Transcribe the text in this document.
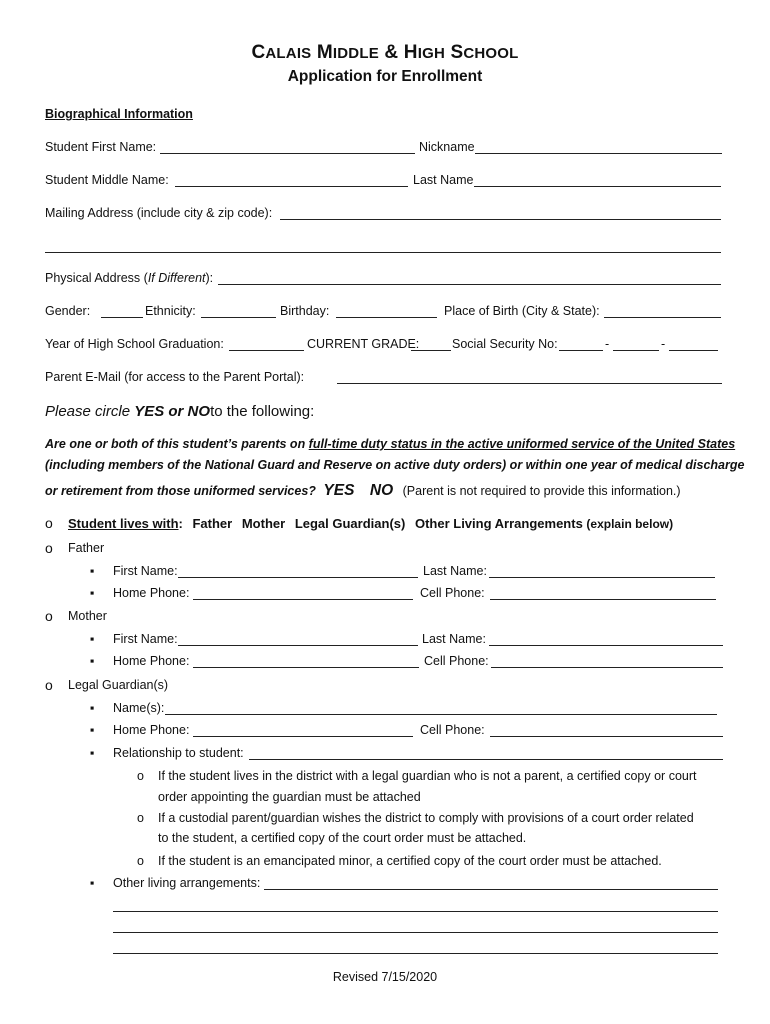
CALAIS MIDDLE & HIGH SCHOOL
Application for Enrollment
Biographical Information
Student First Name:	Nickname
Student Middle Name:	Last Name
Mailing Address (include city & zip code):
Physical Address (If Different):
Gender:	Ethnicity:	Birthday:	Place of Birth (City & State):
Year of High School Graduation:	CURRENT GRADE:	Social Security No:	-	-
Parent E-Mail (for access to the Parent Portal):
Please circle YES or NOto the following:
Are one or both of this student’s parents on full-time duty status in the active uniformed service of the United States
(including members of the National Guard and Reserve on active duty orders) or within one year of medical discharge
or retirement from those uniformed services? YES NO (Parent is not required to provide this information.)
o Student lives with: Father Mother Legal Guardian(s) Other Living Arrangements (explain below)
o Father
▪ First Name:	Last Name:
▪ Home Phone:	Cell Phone:
o Mother
▪ First Name:	Last Name:
▪ Home Phone:	Cell Phone:
o Legal Guardian(s)
▪ Name(s):
▪ Home Phone:	Cell Phone:
▪ Relationship to student:
o If the student lives in the district with a legal guardian who is not a parent, a certified copy or court
order appointing the guardian must be attached
o If a custodial parent/guardian wishes the district to comply with provisions of a court order related
to the student, a certified copy of the court order must be attached.
o If the student is an emancipated minor, a certified copy of the court order must be attached.
▪ Other living arrangements:
Revised 7/15/2020
